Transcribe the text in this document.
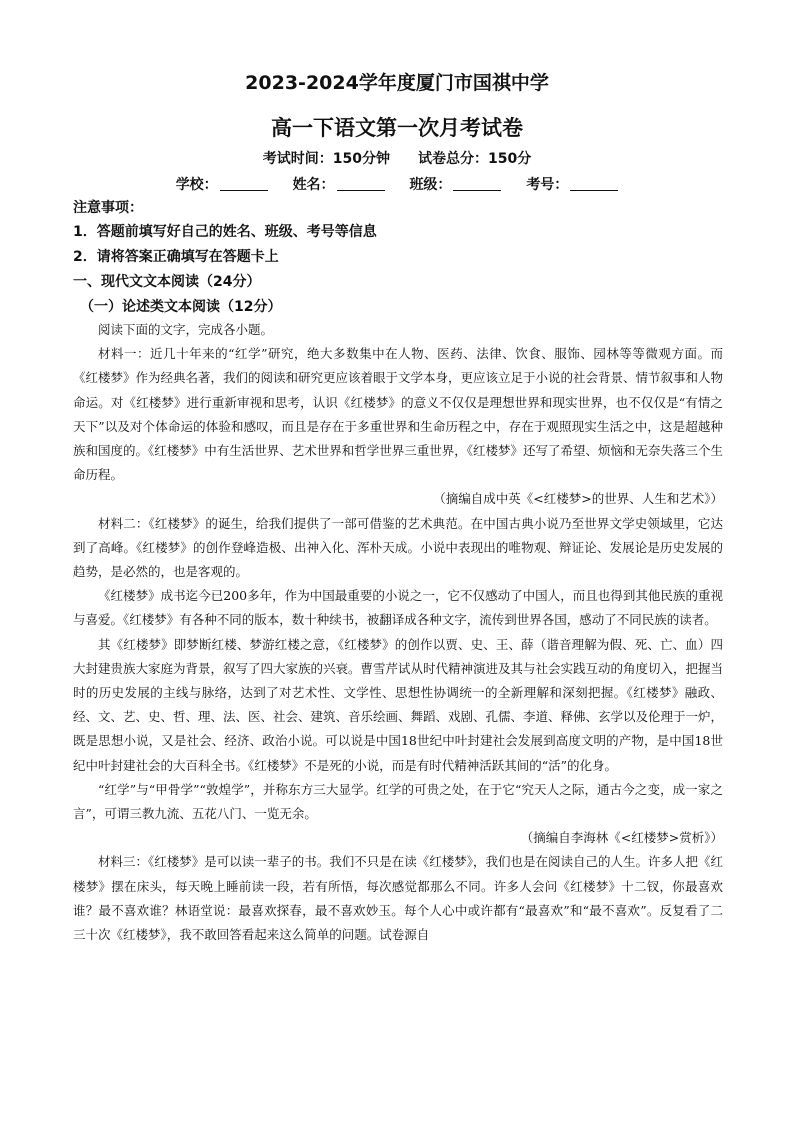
2023-2024学年度厦门市国祺中学
高一下语文第一次月考试卷
考试时间：150分钟 试卷总分：150分
学校：	姓名：	班级：	考号：
注意事项：
1．答题前填写好自己的姓名、班级、考号等信息
2．请将答案正确填写在答题卡上
一、现代文文本阅读（24分）
（一）论述类文本阅读（12分）

阅读下面的文字，完成各小题。

材料一：近几十年来的“红学”研究，绝大多数集中在人物、医药、法律、饮食、服饰、园林等等微观方面。而《红楼梦》作为经典名著，我们的阅读和研究更应该着眼于文学本身，更应该立足于小说的社会背景、情节叙事和人物命运。对《红楼梦》进行重新审视和思考，认识《红楼梦》的意义不仅仅是理想世界和现实世界，也不仅仅是“有情之天下”以及对个体命运的体验和感叹，而且是存在于多重世界和生命历程之中，存在于观照现实生活之中，这是超越种族和国度的。《红楼梦》中有生活世界、艺术世界和哲学世界三重世界，《红楼梦》还写了希望、烦恼和无奈失落三个生命历程。

（摘编自成中英《<红楼梦>的世界、人生和艺术》）

材料二：《红楼梦》的诞生，给我们提供了一部可借鉴的艺术典范。在中国古典小说乃至世界文学史领域里，它达到了高峰。《红楼梦》的创作登峰造极、出神入化、浑朴天成。小说中表现出的唯物观、辩证论、发展论是历史发展的趋势，是必然的，也是客观的。

《红楼梦》成书迄今已200多年，作为中国最重要的小说之一，它不仅感动了中国人，而且也得到其他民族的重视与喜爱。《红楼梦》有各种不同的版本，数十种续书，被翻译成各种文字，流传到世界各国，感动了不同民族的读者。

其《红楼梦》即梦断红楼、梦游红楼之意，《红楼梦》的创作以贾、史、王、薛（谐音理解为假、死、亡、血）四大封建贵族大家庭为背景，叙写了四大家族的兴衰。曹雪芹试从时代精神演进及其与社会实践互动的角度切入，把握当时的历史发展的主线与脉络，达到了对艺术性、文学性、思想性协调统一的全新理解和深刻把握。《红楼梦》融政、经、文、艺、史、哲、理、法、医、社会、建筑、音乐绘画、舞蹈、戏剧、孔儒、李道、释佛、玄学以及伦理于一炉，既是思想小说，又是社会、经济、政治小说。可以说是中国18世纪中叶封建社会发展到高度文明的产物，是中国18世纪中叶封建社会的大百科全书。《红楼梦》不是死的小说，而是有时代精神活跃其间的“活”的化身。

“红学”与“甲骨学”“敦煌学”，并称东方三大显学。红学的可贵之处，在于它“究天人之际，通古今之变，成一家之言”，可谓三教九流、五花八门、一览无余。

（摘编自李海林《<红楼梦>赏析》）

材料三：《红楼梦》是可以读一辈子的书。我们不只是在读《红楼梦》，我们也是在阅读自己的人生。许多人把《红楼梦》摆在床头，每天晚上睡前读一段，若有所悟，每次感觉都那么不同。许多人会问《红楼梦》十二钗，你最喜欢谁？最不喜欢谁？林语堂说：最喜欢探春，最不喜欢妙玉。每个人心中或许都有“最喜欢”和“最不喜欢”。反复看了二三十次《红楼梦》，我不敢回答看起来这么简单的问题。试卷源自
